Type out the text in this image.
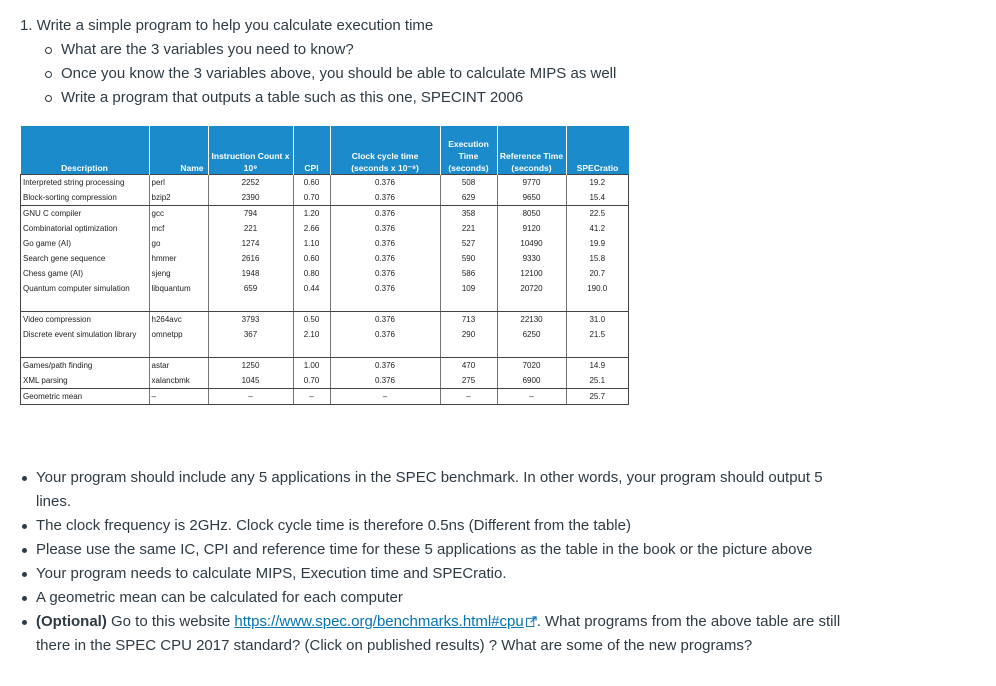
1. Write a simple program to help you calculate execution time
What are the 3 variables you need to know?
Once you know the 3 variables above, you should be able to calculate MIPS as well
Write a program that outputs a table such as this one, SPECINT 2006
Description	Name	Instruction Count x 10⁹	CPI	Clock cycle time (seconds x 10⁻⁹)	Execution Time (seconds)	Reference Time (seconds)	SPECratio
Interpreted string processing	perl	2252	0.60	0.376	508	9770	19.2
Block-sorting compression	bzip2	2390	0.70	0.376	629	9650	15.4
GNU C compiler	gcc	794	1.20	0.376	358	8050	22.5
Combinatorial optimization	mcf	221	2.66	0.376	221	9120	41.2
Go game (AI)	go	1274	1.10	0.376	527	10490	19.9
Search gene sequence	hmmer	2616	0.60	0.376	590	9330	15.8
Chess game (AI)	sjeng	1948	0.80	0.376	586	12100	20.7
Quantum computer simulation	libquantum	659	0.44	0.376	109	20720	190.0
Video compression	h264avc	3793	0.50	0.376	713	22130	31.0
Discrete event simulation library	omnetpp	367	2.10	0.376	290	6250	21.5
Games/path finding	astar	1250	1.00	0.376	470	7020	14.9
XML parsing	xalancbmk	1045	0.70	0.376	275	6900	25.1
Geometric mean	–	–	–	–	–	–	25.7
Your program should include any 5 applications in the SPEC benchmark. In other words, your program should output 5 lines.
The clock frequency is 2GHz. Clock cycle time is therefore 0.5ns (Different from the table)
Please use the same IC, CPI and reference time for these 5 applications as the table in the book or the picture above
Your program needs to calculate MIPS, Execution time and SPECratio.
A geometric mean can be calculated for each computer
(Optional) Go to this website https://www.spec.org/benchmarks.html#cpu . What programs from the above table are still there in the SPEC CPU 2017 standard? (Click on published results) ? What are some of the new programs?
